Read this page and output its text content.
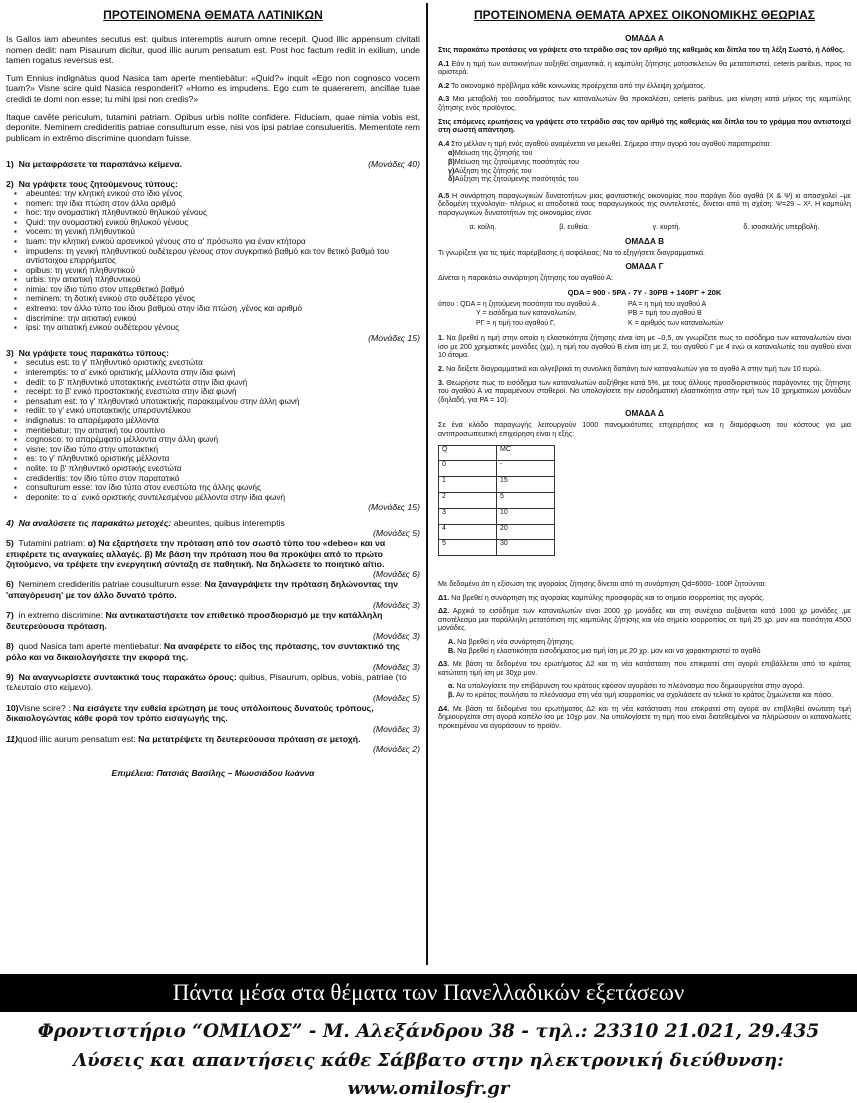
ΠΡΟΤΕΙΝΟΜΕΝΑ ΘΕΜΑΤΑ ΛΑΤΙΝΙΚΩΝ

Is Gallos iam abeuntes secutus est: quibus interemptis aurum omne recepit. Quod illic appensum civitati nomen dedit: nam Pisaurum dicitur, quod illic aurum pensatum est. Post hoc factum rediit in exilium, unde tamen rogatus reversus est.

Tum Ennius indignātus quod Nasica tam aperte mentiebātur: «Quid?» inquit «Ego non cognosco vocem tuam?» Visne scire quid Nasica responderit? «Homo es impudens. Ego cum te quaererem, ancillae tuae credidi te domi non esse; tu mihi ipsi non credis?»

Itaque cavēte periculum, tutamini patriam. Opibus urbis nolīte confidere. Fiduciam, quae nimia vobis est, deponite. Neminem credideritis patriae consulturum esse, nisi vos ipsi patriae consulueritis. Mementote rem publicam in extrēmo discrimine quondam fuisse.

1) Να μεταφράσετε τα παραπάνω κείμενα.	(Μονάδες 40)
2) Να γράψετε τους ζητούμενους τύπους:
▪ abeuntes: την κλητική ενικού στο ίδιο γένος
▪ nomen: την ίδια πτώση στον άλλο αριθμό
▪ hoc: την ονομαστική πληθυντικού θηλυκού γένους
▪ Quid: την ονομαστική ενικού θηλυκού γένους
▪ vocem: τη γενική πληθυντικού
▪ tuam: την κλητική ενικού αρσενικού γένους στο α' πρόσωπο για έναν κτήτορα
▪ impudens: τη γενική πληθυντικού ουδέτερου γένους στον συγκριτικό βαθμό και τον θετικό βαθμό του αντίστοιχου επιρρήματος
▪ opibus: τη γενική πληθυντικού
▪ urbis: την αιτιατική πληθυντικού
▪ nimia: τον ίδιο τύπο στον υπερθετικό βαθμό
▪ neminem: τη δοτική ενικού στο ουδέτερο γένος
▪ extremo: τον άλλο τύπο του ίδιου βαθμού στην ίδια πτώση ,γένος και αριθμό
▪ discrimine: την αιτιατική ενικού
▪ ipsi: την αιτιατική ενικού ουδέτερου γένους
(Μονάδες 15)
3) Να γράψετε τους παρακάτω τύπους:
▪ secutus est: το γ' πληθυντικό οριστικής ενεστώτα
▪ interemptis: το α' ενικό οριστικής μέλλοντα στην ίδια φωνή
▪ dedit: το β' πληθυντικό υποτακτικής ενεστώτα στην ίδια φωνή
▪ receipt: το β' ενικό προστακτικής ενεστώτα στην ίδια φωνή
▪ pensatum est: το γ' πληθυντικό υποτακτικής παρακειμένου στην άλλη φωνή
▪ rediit: το γ' ενικό υποτακτικής υπερσυντέλικου
▪ indignatus: το απαρέμφατο μέλλοντα
▪ mentiebatur: την αιτιατική του σουπίνο
▪ cognosco: το απαρέμφατο μέλλοντα στην άλλη φωνή
▪ visne: τον ίδιο τύπο στην υποτακτική
▪ es: το γ' πληθυντικό οριστικής μέλλοντα
▪ nolite: το β' πληθυντικό οριστικής ενεστώτα
▪ credideritis: τον ίδιο τύπο στον παρατατικό
▪ consulturum esse: τον ίδιο τύπο στον ενεστώτα της άλλης φωνής
▪ deponite: το α΄ ενικό οριστικής συντελεσμένου μέλλοντα στην ίδια φωνή
(Μονάδες 15)
4) Να αναλύσετε τις παρακάτω μετοχές: abeuntes, quibus interemptis
(Μονάδες 5)
5) Tutamini patriam: α) Να εξαρτήσετε την πρόταση από τον σωστό τύπο του «debeo» και να επιφέρετε τις αναγκαίες αλλαγές. β) Με βάση την πρόταση που θα προκύψει από το πρώτο ζητούμενο, να τρέψετε την ενεργητική σύνταξη σε παθητική. Να δηλώσετε το ποιητικό αίτιο.
(Μονάδες 6)
6) Neminem credideritis patriae cousulturum esse: Να ξαναγράψετε την πρόταση δηλώνοντας την 'απαγόρευση' με τον άλλο δυνατό τρόπο.
(Μονάδες 3)
7) in extremo discrimine: Να αντικαταστήσετε τον επιθετικό προσδιορισμό με την κατάλληλη δευτερεύουσα πρόταση.
(Μονάδες 3)
8) quod Nasica tam aperte mentiebatur: Να αναφέρετε το είδος της πρότασης, τον συντακτικό της ρόλο και να δικαιολογήσετε την εκφορά της.
(Μονάδες 3)
9) Να αναγνωρίσετε συντακτικά τους παρακάτω όρους: quibus, Pisaurum, opibus, vobis, patriae (το τελευταίο στο κείμενο).
(Μονάδες 5)
10)Visne scire? : Να εισάγετε την ευθεία ερώτηση με τους υπόλοιπους δυνατούς τρόπους, δικαιολογώντας κάθε φορά τον τρόπο εισαγωγής της.
(Μονάδες 3)
11)quod illic aurum pensatum est: Να μετατρέψετε τη δευτερεύουσα πρόταση σε μετοχή.
(Μονάδες 2)
Επιμέλεια: Πατσιάς Βασίλης – Μωυσιάδου Ιωάννα
ΠΡΟΤΕΙΝΟΜΕΝΑ ΘΕΜΑΤΑ ΑΡΧΕΣ ΟΙΚΟΝΟΜΙΚΗΣ ΘΕΩΡΙΑΣ
ΟΜΑΔΑ Α

Στις παρακάτω προτάσεις να γράψετε στο τετράδιο σας τον αριθμό της καθεμιάς και δίπλα του τη λέξη Σωστό, ή Λάθος.

Α.1 Εάν η τιμή των αυτοκινήτων αυξηθεί σημαντικά, η καμπύλη ζήτησης μοτοσικλετών θα μετατοπιστεί, ceteris paribus, προς τα αριστερά.

Α.2 Το οικονομικό πρόβλημα κάθε κοινωνίας προέρχεται από την έλλειψη χρήματος.

Α.3 Μια μεταβολή του εισοδήματος των καταναλωτών θα προκαλέσει, ceteris paribus, μια κίνηση κατά μήκος της καμπύλης ζήτησης ενός προϊόντος.

Στις επόμενες ερωτήσεις να γράψετε στο τετράδιο σας τον αριθμό της καθεμιάς και δίπλα του το γράμμα που αντιστοιχεί στη σωστή απάντηση.

Α.4 Στο μέλλον η τιμή ενός αγαθού αναμένεται να μειωθεί. Σήμερα στην αγορά του αγαθού παρατηρείται:

α)Μείωση της ζήτησής του
β)Μείωση της ζητούμενης ποσότητάς του
γ)Αύξηση της ζήτησής του
δ)Αύξηση της ζητούμενης ποσότητάς του

Α.5 Η συνάρτηση παραγωγικών δυνατοτήτων μιας φανταστικής οικονομίας που παράγει δύο αγαθά (Χ & Ψ) κι απασχολεί –με δεδομένη τεχνολογία- πλήρως κι αποδοτικά τους παραγωγικούς της συντελεστές, δίνεται από τη σχέση: Ψ=29 – Χ². Η καμπύλη παραγωγικών δυνατοτήτων της οικονομίας είναι:

α. κοίλη.	β. ευθεία.	γ. κυρτή.	δ. ισοσκελής υπερβολή.
ΟΜΑΔΑ Β

Τι γνωρίζετε για τις τιμές παρέμβασης ή ασφάλειας; Να το εξηγήσετε διαγραμματικά.

ΟΜΑΔΑ Γ

Δίνεται η παρακάτω συνάρτηση ζήτησης του αγαθού Α:

QDA = 900 - 5PA - 7Y - 30PB + 140PΓ + 20K
όπου : QDA = η ζητούμενη ποσότητα του αγαθού Α .	PA = η τιμή του αγαθού Α
Y = εισόδημα των καταναλωτών,	PB = τιμή του αγαθού Β
PΓ = η τιμή του αγαθού Γ,	K = αριθμός των καταναλωτών

1. Να βρεθεί η τιμή στην οποία η ελαστικότητα ζήτησης είναι ίση με –0,5, αν γνωρίζετε πως το εισόδημα των καταναλωτών είναι ίσο με 200 χρηματικές μονάδες (χμ), η τιμή του αγαθού Β είναι ίση με 2, του αγαθού Γ με 4 ενώ οι καταναλωτές του αγαθού είναι 10 άτομα.

2. Να δείξετε διαγραμματικά και αλγεβρικά τη συνολική δαπάνη των καταναλωτών για το αγαθό Α στην τιμή των 10 ευρώ.

3. Θεωρήστε πως το εισόδημα των καταναλωτών αυξήθηκε κατά 5%, με τους άλλους προσδιοριστικούς παράγοντες της ζήτησης του αγαθού Α να παραμένουν σταθεροί. Να υπολογίσετε την εισοδηματική ελαστικότητα στην τιμή των 10 χρηματικών μονάδων (δηλαδή, για PA = 10).

ΟΜΑΔΑ Δ

Σε ένα κλάδο παραγωγής λειτουργούν 1000 πανομοιότυπες επιχειρήσεις και η διαμόρφωση του κόστους για μια αντιπροσωπευτική επιχείρηση είναι η εξής:

Q	MC
0	-
1	15
2	5
3	10
4	20
5	30

Με δεδομένο ότι η εξίσωση της αγοραίας ζήτησης δίνεται από τη συνάρτηση Qd=6000- 100P ζητούνται:

Δ1. Να βρεθεί η συνάρτηση της αγοραίας καμπύλης προσφοράς και το σημείο ισορροπίας της αγοράς.

Δ2. Αρχικά το εισόδημα των καταναλωτών είναι 2000 χρ μονάδες και στη συνέχεια αυξάνεται κατά 1000 χρ μονάδες ,με αποτέλεσμα μια παράλληλη μετατόπιση της καμπύλης ζήτησης και νέο σημείο ισορροπίας σε τιμή 25 χρ. μον και ποσότητα 4500 μονάδες.

Α. Να βρεθεί η νέα συνάρτηση ζήτησης.
Β. Να βρεθεί η ελαστικότητα εισοδήματος μια τιμή ίση με 20 χρ. μον και να χαρακτηριστεί το αγαθό

Δ3. Με βάση τα δεδομένα του ερωτήματος Δ2 και τη νέα κατάσταση που επικρατεί στη αγορά επιβάλλεται από το κράτος κατώτατη τιμή ίση με 30χρ μον.

α. Να υπολογίσετε την επιβάρυνση του κράτους εφόσον αγοράσει το πλεόνασμα που δημιουργείται στην αγορά.
β. Αν το κράτος πουλήσει το πλεόνασμα στη νέα τιμή ισορροπίας να σχολιάσετε αν τελικά το κράτος ζημιώνεται και πόσο.

Δ4. Με βάση τα δεδομένα του ερωτήματος Δ2 και τη νέα κατάσταση που επικρατεί στη αγορά αν επιβληθεί ανώτατη τιμή δημιουργείται στη αγορά καπέλο ίσο με 10χρ μον. Να υπολογίσετε τη τιμή που είναι διατεθειμένοι να πληρώσουν οι καταναλωτές προκειμένου να αγοράσουν το προϊόν.

Πάντα μέσα στα θέματα των Πανελλαδικών εξετάσεων
Φροντιστήριο “ΟΜΙΛΟΣ” - Μ. Αλεξάνδρου 38 - τηλ.: 23310 21.021, 29.435
Λύσεις και απαντήσεις κάθε Σάββατο στην ηλεκτρονική διεύθυνση: www.omilosfr.gr
